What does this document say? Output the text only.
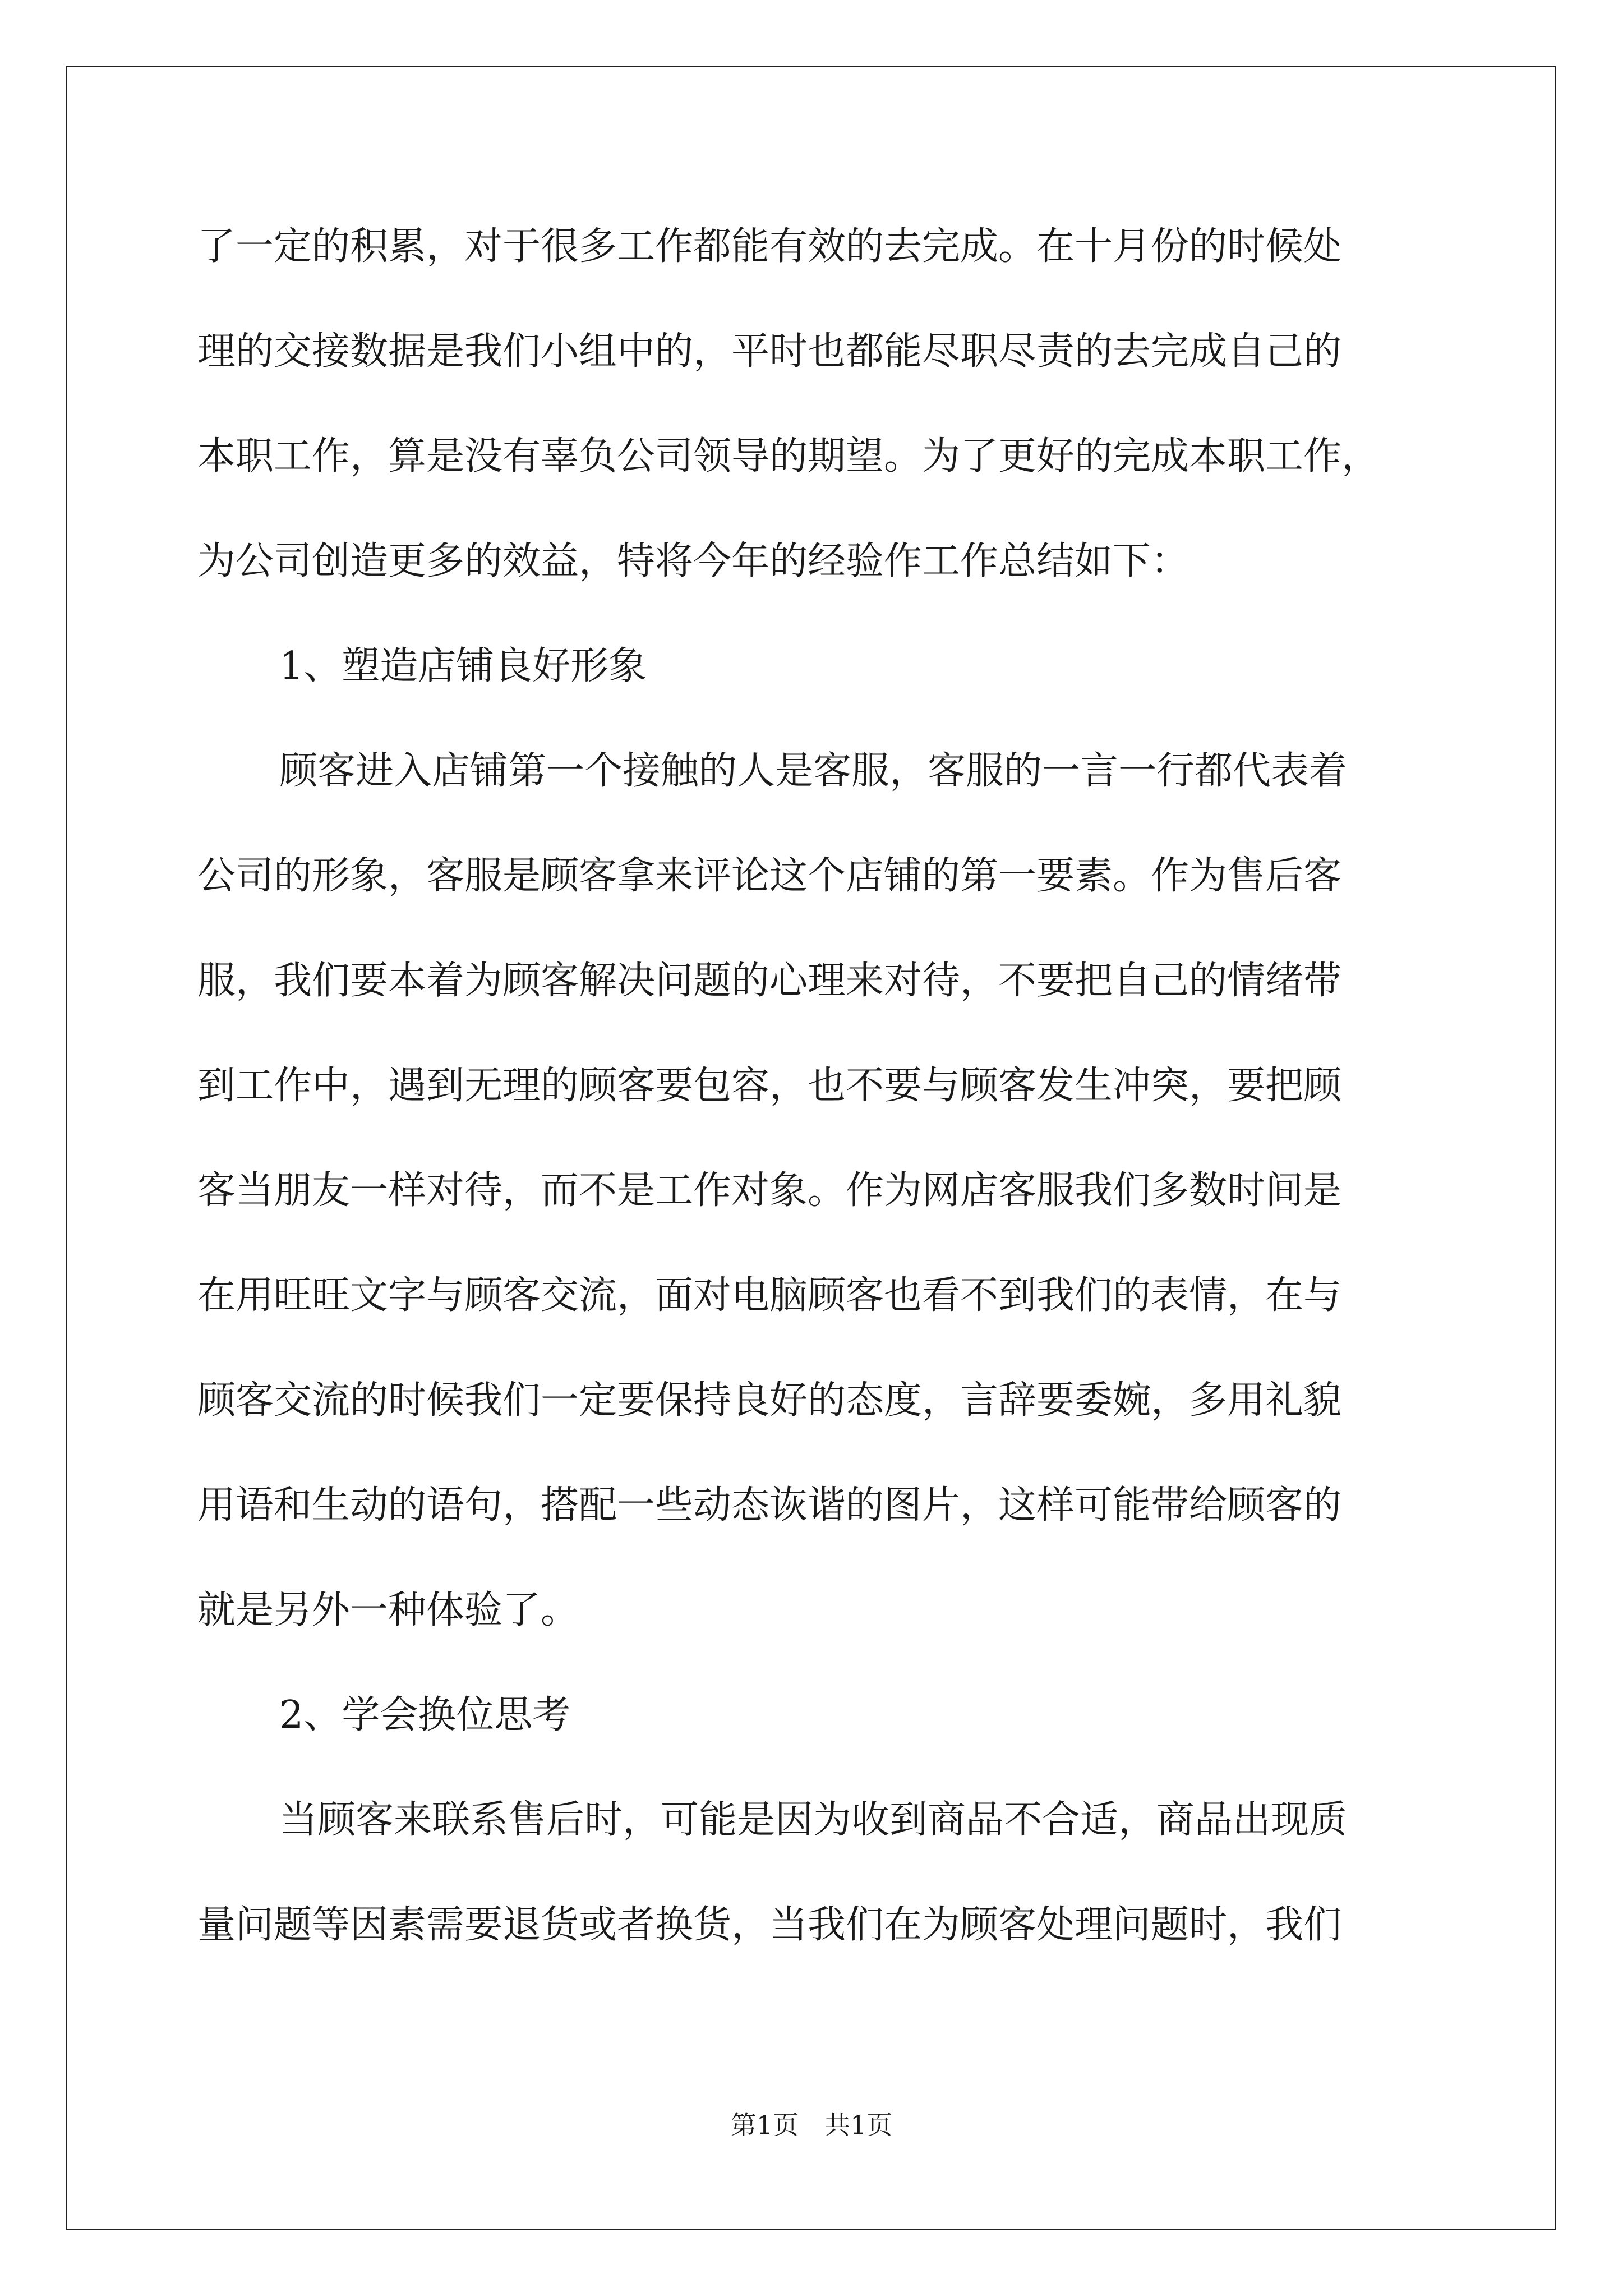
了一定的积累，对于很多工作都能有效的去完成。在十月份的时候处
理的交接数据是我们小组中的，平时也都能尽职尽责的去完成自己的
本职工作，算是没有辜负公司领导的期望。为了更好的完成本职工作，
为公司创造更多的效益，特将今年的经验作工作总结如下：
1、塑造店铺良好形象
顾客进入店铺第一个接触的人是客服，客服的一言一行都代表着
公司的形象，客服是顾客拿来评论这个店铺的第一要素。作为售后客
服，我们要本着为顾客解决问题的心理来对待，不要把自己的情绪带
到工作中，遇到无理的顾客要包容，也不要与顾客发生冲突，要把顾
客当朋友一样对待，而不是工作对象。作为网店客服我们多数时间是
在用旺旺文字与顾客交流，面对电脑顾客也看不到我们的表情，在与
顾客交流的时候我们一定要保持良好的态度，言辞要委婉，多用礼貌
用语和生动的语句，搭配一些动态诙谐的图片，这样可能带给顾客的
就是另外一种体验了。
2、学会换位思考
当顾客来联系售后时，可能是因为收到商品不合适，商品出现质
量问题等因素需要退货或者换货，当我们在为顾客处理问题时，我们
第1页　共1页
